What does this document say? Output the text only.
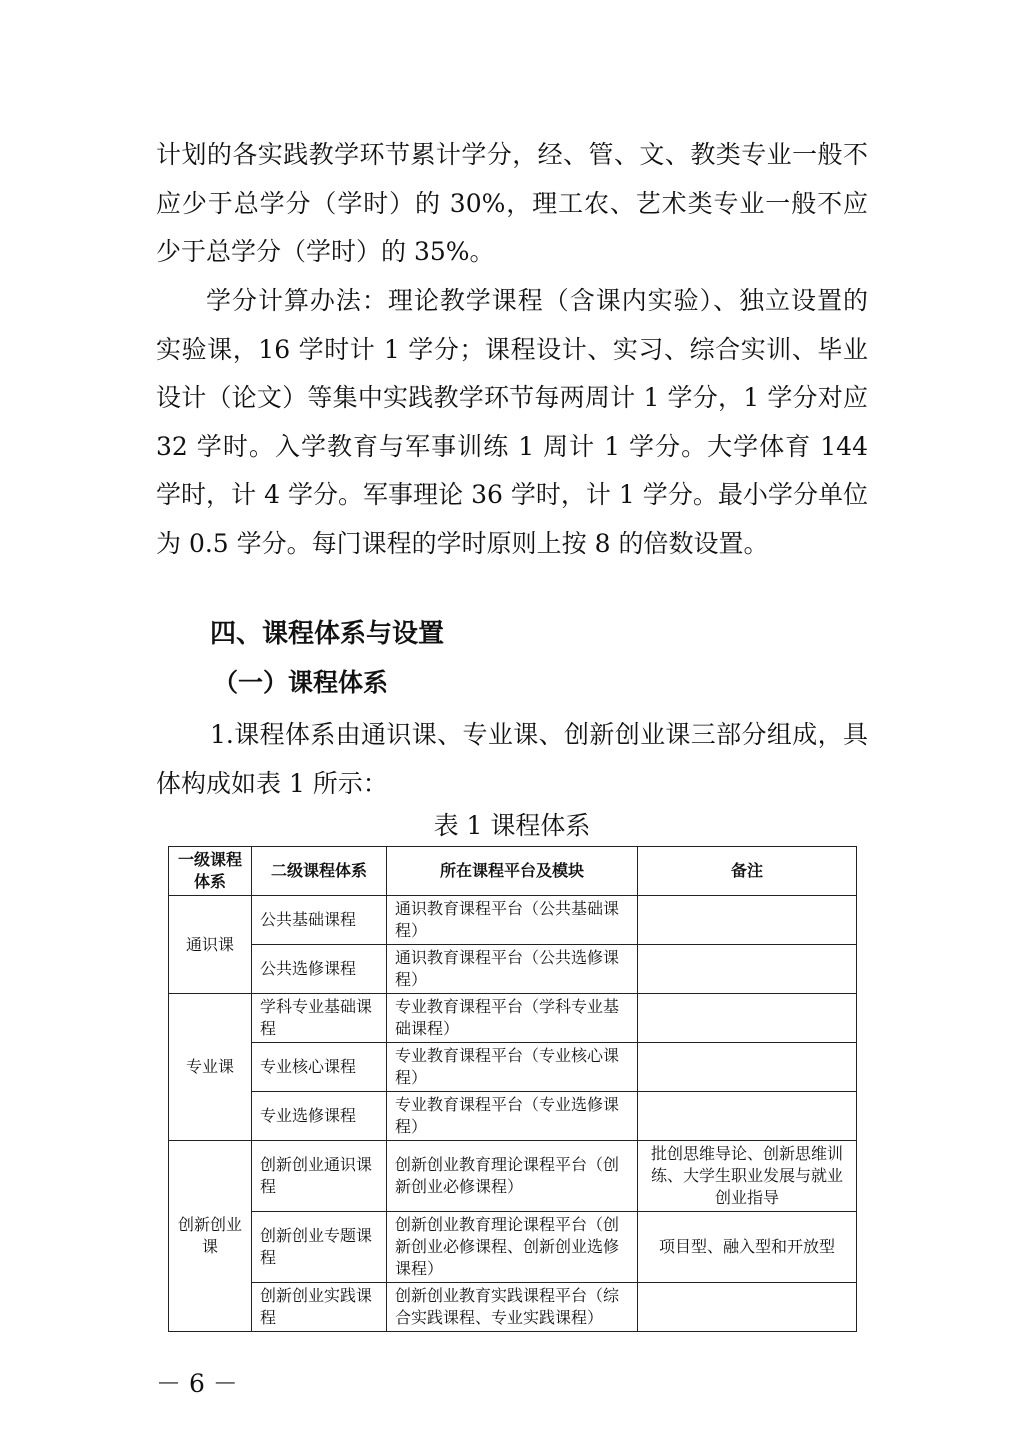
计划的各实践教学环节累计学分，经、管、文、教类专业一般不应少于总学分（学时）的 30%，理工农、艺术类专业一般不应少于总学分（学时）的 35%。

学分计算办法：理论教学课程（含课内实验）、独立设置的实验课，16 学时计 1 学分；课程设计、实习、综合实训、毕业设计（论文）等集中实践教学环节每两周计 1 学分，1 学分对应 32 学时。入学教育与军事训练 1 周计 1 学分。大学体育 144 学时，计 4 学分。军事理论 36 学时，计 1 学分。最小学分单位为 0.5 学分。每门课程的学时原则上按 8 的倍数设置。

四、课程体系与设置
（一）课程体系

1.课程体系由通识课、专业课、创新创业课三部分组成，具体构成如表 1 所示：

表 1 课程体系

一级课程体系	二级课程体系	所在课程平台及模块	备注
通识课	公共基础课程	通识教育课程平台（公共基础课程）	
	公共选修课程	通识教育课程平台（公共选修课程）	
专业课	学科专业基础课程	专业教育课程平台（学科专业基础课程）	
	专业核心课程	专业教育课程平台（专业核心课程）	
	专业选修课程	专业教育课程平台（专业选修课程）	
创新创业课	创新创业通识课程	创新创业教育理论课程平台（创新创业必修课程）	批创思维导论、创新思维训练、大学生职业发展与就业创业指导
	创新创业专题课程	创新创业教育理论课程平台（创新创业必修课程、创新创业选修课程）	项目型、融入型和开放型
	创新创业实践课程	创新创业教育实践课程平台（综合实践课程、专业实践课程）	

－ 6 －
